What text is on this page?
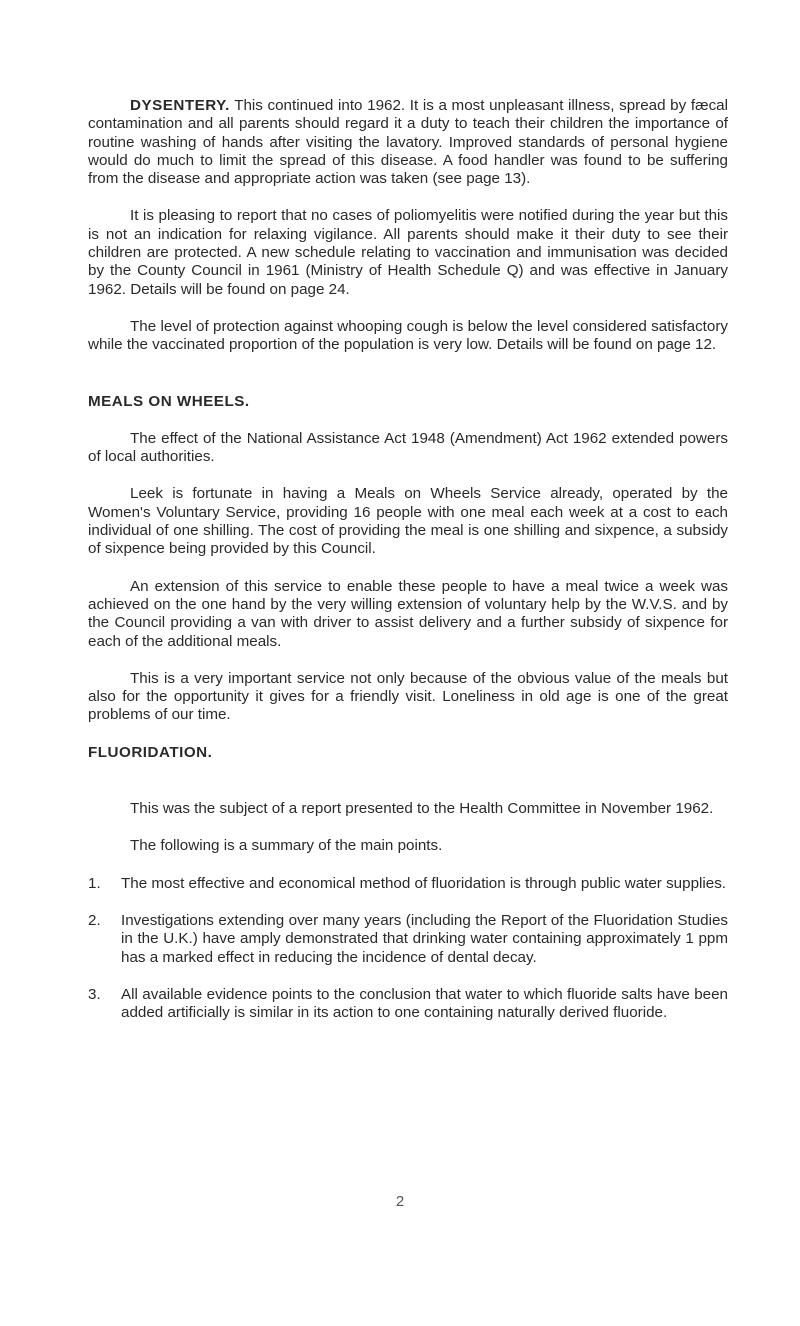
DYSENTERY. This continued into 1962. It is a most unpleasant illness, spread by fæcal contamination and all parents should regard it a duty to teach their children the importance of routine washing of hands after visiting the lavatory. Improved standards of personal hygiene would do much to limit the spread of this disease. A food handler was found to be suffering from the disease and appropriate action was taken (see page 13).

It is pleasing to report that no cases of poliomyelitis were notified during the year but this is not an indication for relaxing vigilance. All parents should make it their duty to see their children are protected. A new schedule relating to vaccination and immunisation was decided by the County Council in 1961 (Ministry of Health Schedule Q) and was effective in January 1962. Details will be found on page 24.

The level of protection against whooping cough is below the level considered satisfactory while the vaccinated proportion of the population is very low. Details will be found on page 12.

MEALS ON WHEELS.

The effect of the National Assistance Act 1948 (Amendment) Act 1962 extended powers of local authorities.

Leek is fortunate in having a Meals on Wheels Service already, operated by the Women's Voluntary Service, providing 16 people with one meal each week at a cost to each individual of one shilling. The cost of providing the meal is one shilling and sixpence, a subsidy of sixpence being provided by this Council.

An extension of this service to enable these people to have a meal twice a week was achieved on the one hand by the very willing extension of voluntary help by the W.V.S. and by the Council providing a van with driver to assist delivery and a further subsidy of sixpence for each of the additional meals.

This is a very important service not only because of the obvious value of the meals but also for the opportunity it gives for a friendly visit. Loneliness in old age is one of the great problems of our time.

FLUORIDATION.

This was the subject of a report presented to the Health Committee in November 1962.

The following is a summary of the main points.

1.	The most effective and economical method of fluoridation is through public water supplies.
2.	Investigations extending over many years (including the Report of the Fluoridation Studies in the U.K.) have amply demonstrated that drinking water containing approximately 1 ppm has a marked effect in reducing the incidence of dental decay.
3.	All available evidence points to the conclusion that water to which fluoride salts have been added artificially is similar in its action to one containing naturally derived fluoride.
2
